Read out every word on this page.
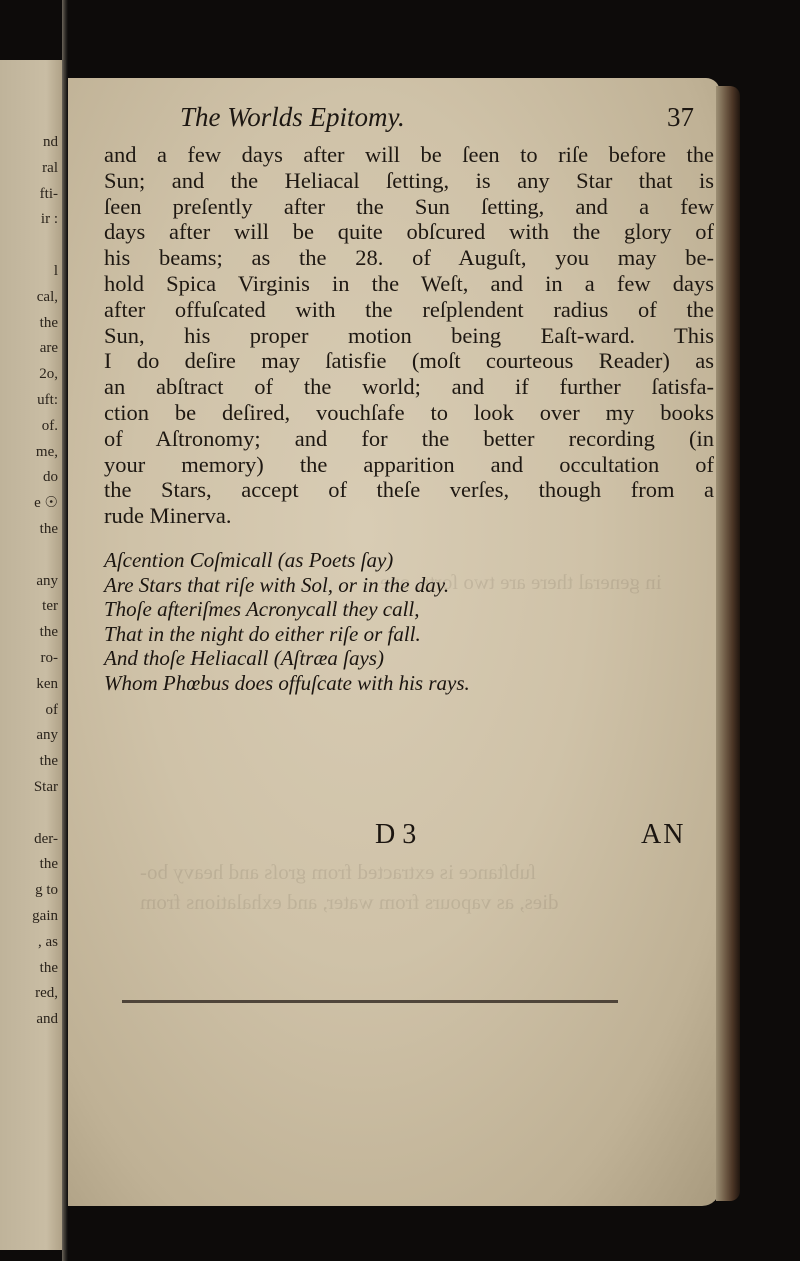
nd
ral
fti-
ir :
l
cal,
the
are
2o,
uft:
of.
me,
do
e ☉
the
any
ter
the
ro-
ken
of
any
the
Star
der-
the
g to
gain
, as
the
red,
and
in general there are two ſorts, one
ſubſtance is extracted from groſs and heavy bo-
dies, as vapours from water, and exhalations from
The Worlds Epitomy.	37
and a few days after will be ſeen to riſe before the
Sun; and the Heliacal ſetting, is any Star that is
ſeen preſently after the Sun ſetting, and a few
days after will be quite obſcured with the glory of
his beams; as the 28. of Auguſt, you may be-
hold Spica Virginis in the Weſt, and in a few days
after offuſcated with the reſplendent radius of the
Sun, his proper motion being Eaſt-ward. This
I do deſire may ſatisfie (moſt courteous Reader) as
an abſtract of the world; and if further ſatisfa-
ction be deſired, vouchſafe to look over my books
of Aſtronomy; and for the better recording (in
your memory) the apparition and occultation of
the Stars, accept of theſe verſes, though from a
rude Minerva.
Aſcention Coſmicall (as Poets ſay)
Are Stars that riſe with Sol, or in the day.
Thoſe afteriſmes Acronycall they call,
That in the night do either riſe or fall.
And thoſe Heliacall (Aſtræa ſays)
Whom Phœbus does offuſcate with his rays.
D 3	AN
